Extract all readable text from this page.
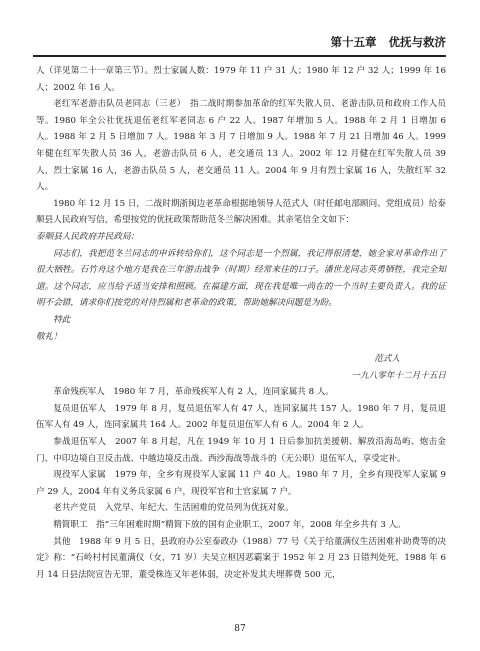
第十五章 优抚与救济

人（详见第二十一章第三节）。烈士家属人数：1979 年 11 户 31 人；1980 年 12 户 32 人；1999 年 16 人；2002 年 16 人。

老红军老游击队员老同志（三老）　指二战时期参加革命的红军失散人员、老游击队员和政府工作人员等。1980 年全公社优抚退伍老红军老同志 6 户 22 人。1987 年增加 5 人。1988 年 2 月 1 日增加 6 人。1988 年 2 月 5 日增加 7 人。1988 年 3 月 7 日增加 9 人。1988 年 7 月 21 日增加 46 人。1999 年健在红军失散人员 36 人，老游击队员 6 人，老交通员 13 人。2002 年 12 月健在红军失散人员 39 人，烈士家属 16 人，老游击队员 5 人，老交通员 11 人。2004 年 9 月有烈士家属 16 人，失散红军 32 人。

1980 年 12 月 15 日，二战时期浙闽边老革命根据地领导人范式人（时任邮电部顾问、党组成员）给泰顺县人民政府写信，希望按党的优抚政策帮助范冬兰解决困难。其亲笔信全文如下：

泰顺县人民政府并民政局：

同志们，我把范冬兰同志的申诉转给你们，这个同志是一个烈属，我记得很清楚，她全家对革命作出了很大牺牲。石竹舟这个地方是我在三年游击战争（时期）经常来往的口子。潘世龙同志英勇牺牲，我完全知道。这个同志，应当给予适当安排和照顾。在福建方面，现在我是唯一尚在的一个当时主要负责人。我的证明不会错，请求你们按党的对待烈属和老革命的政策，帮助她解决问题是为盼。

特此

敬礼！

范式人

一九八零年十二月十五日

革命残疾军人　1980 年 7 月，革命残疾军人有 2 人，连同家属共 8 人。

复员退伍军人　1979 年 8 月，复员退伍军人有 47 人，连同家属共 157 人。1980 年 7 月，复员退伍军人有 49 人，连同家属共 164 人。2002 年复员退伍军人有 6 人。2004 年 2 人。

参战退伍军人　2007 年 8 月起，凡在 1949 年 10 月 1 日后参加抗美援朝、解放沿海岛屿、炮击金门、中印边境自卫反击战、中越边境反击战、西沙海战等战斗的（无公职）退伍军人，享受定补。

现役军人家属　1979 年，全乡有现役军人家属 11 户 40 人。1980 年 7 月，全乡有现役军人家属 9 户 29 人，2004 年有义务兵家属 6 户，现役军官和士官家属 7 户。

老共产党员　入党早、年纪大、生活困难的党员列为优抚对象。

精简职工　指“三年困难时期”精简下放的国有企业职工，2007 年，2008 年全乡共有 3 人。

其他　1988 年 9 月 5 日，县政府办公室泰政办（1988）77 号《关于给董满仪生活困难补助费等的决定》称：“石岭村村民董满仪（女，71 岁）夫吴立枢因恶霸案于 1952 年 2 月 23 日错判处死，1988 年 6 月 14 日县法院宣告无罪，董受株连又年老体弱，决定补发其夫埋葬费 500 元，

87
